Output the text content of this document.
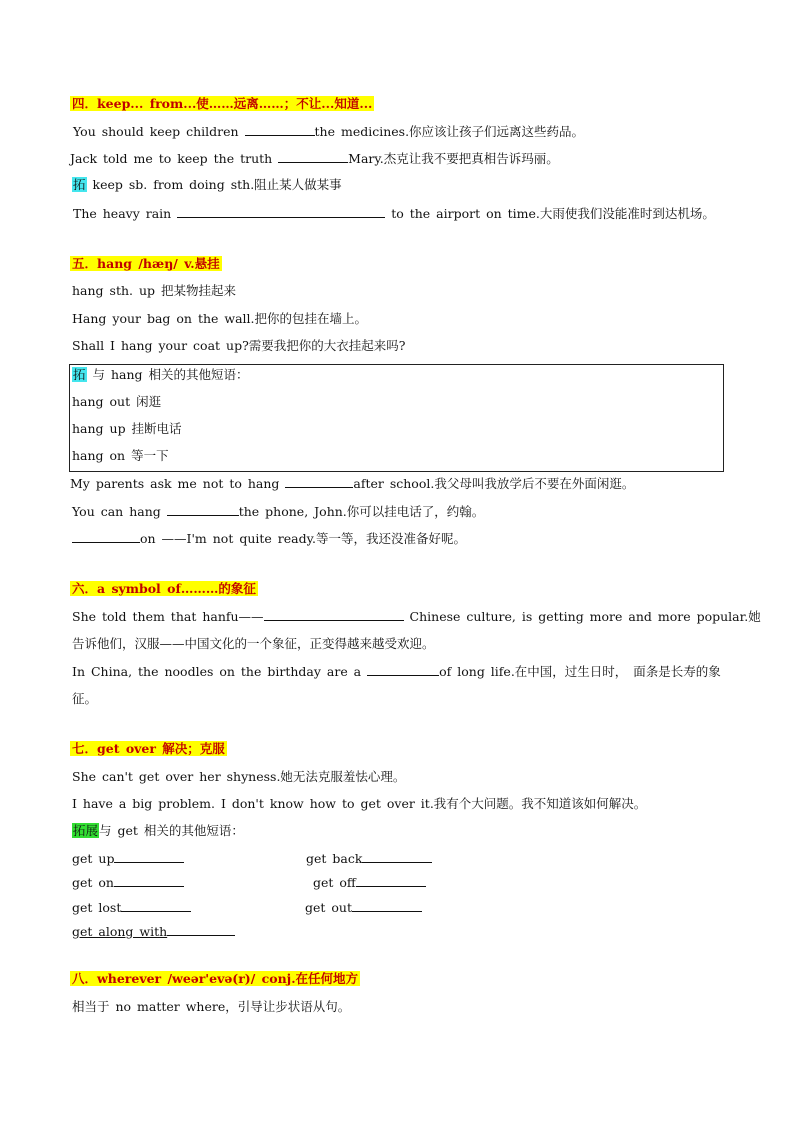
四．keep... from...使……远离……；不让...知道...
You should keep children	the medicines.你应该让孩子们远离这些药品。
Jack told me to keep the truth	Mary.杰克让我不要把真相告诉玛丽。
拓 keep sb. from doing sth.阻止某人做某事
The heavy rain	to the airport on time.大雨使我们没能准时到达机场。
五．hang /hæŋ/ v.悬挂
hang sth. up 把某物挂起来
Hang your bag on the wall.把你的包挂在墙上。
Shall I hang your coat up?需要我把你的大衣挂起来吗?
拓 与 hang 相关的其他短语：
hang out 闲逛
hang up 挂断电话
hang on 等一下
My parents ask me not to hang	after school.我父母叫我放学后不要在外面闲逛。
You can hang	the phone, John.你可以挂电话了，约翰。
on ——I'm not quite ready.等一等，我还没准备好呢。
六．a symbol of………的象征
She told them that hanfu——	Chinese culture, is getting more and more popular.她
告诉他们，汉服——中国文化的一个象征，正变得越来越受欢迎。
In China, the noodles on the birthday are a	of long life.在中国，过生日时， 面条是长寿的象
征。
七．get over 解决；克服
She can't get over her shyness.她无法克服羞怯心理。
I have a big problem. I don't know how to get over it.我有个大问题。我不知道该如何解决。
拓展与 get 相关的其他短语：
get up	get back
get on	get off
get lost	get out
get along with
八．wherever /weər'evə(r)/ conj.在任何地方
相当于 no matter where，引导让步状语从句。
